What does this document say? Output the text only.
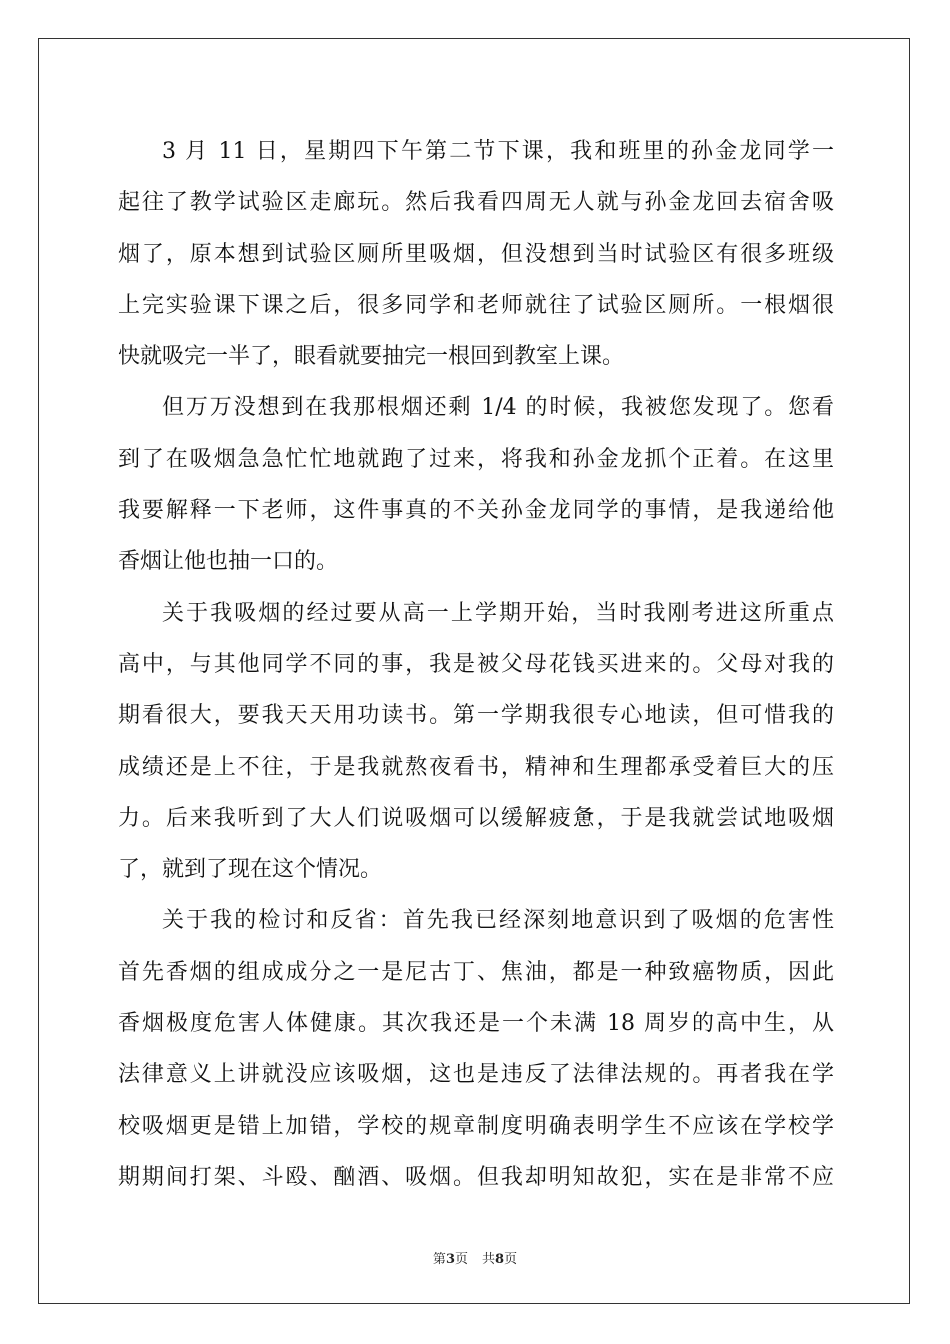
3 月 11 日，星期四下午第二节下课，我和班里的孙金龙同学一
起往了教学试验区走廊玩。然后我看四周无人就与孙金龙回去宿舍吸
烟了，原本想到试验区厕所里吸烟，但没想到当时试验区有很多班级
上完实验课下课之后，很多同学和老师就往了试验区厕所。一根烟很
快就吸完一半了，眼看就要抽完一根回到教室上课。
但万万没想到在我那根烟还剩 1/4 的时候，我被您发现了。您看
到了在吸烟急急忙忙地就跑了过来，将我和孙金龙抓个正着。在这里
我要解释一下老师，这件事真的不关孙金龙同学的事情，是我递给他
香烟让他也抽一口的。
关于我吸烟的经过要从高一上学期开始，当时我刚考进这所重点
高中，与其他同学不同的事，我是被父母花钱买进来的。父母对我的
期看很大，要我天天用功读书。第一学期我很专心地读，但可惜我的
成绩还是上不往，于是我就熬夜看书，精神和生理都承受着巨大的压
力。后来我听到了大人们说吸烟可以缓解疲惫，于是我就尝试地吸烟
了，就到了现在这个情况。
关于我的检讨和反省：首先我已经深刻地意识到了吸烟的危害性
首先香烟的组成成分之一是尼古丁、焦油，都是一种致癌物质，因此
香烟极度危害人体健康。其次我还是一个未满 18 周岁的高中生，从
法律意义上讲就没应该吸烟，这也是违反了法律法规的。再者我在学
校吸烟更是错上加错，学校的规章制度明确表明学生不应该在学校学
期期间打架、斗殴、酗酒、吸烟。但我却明知故犯，实在是非常不应
第3页 共8页
